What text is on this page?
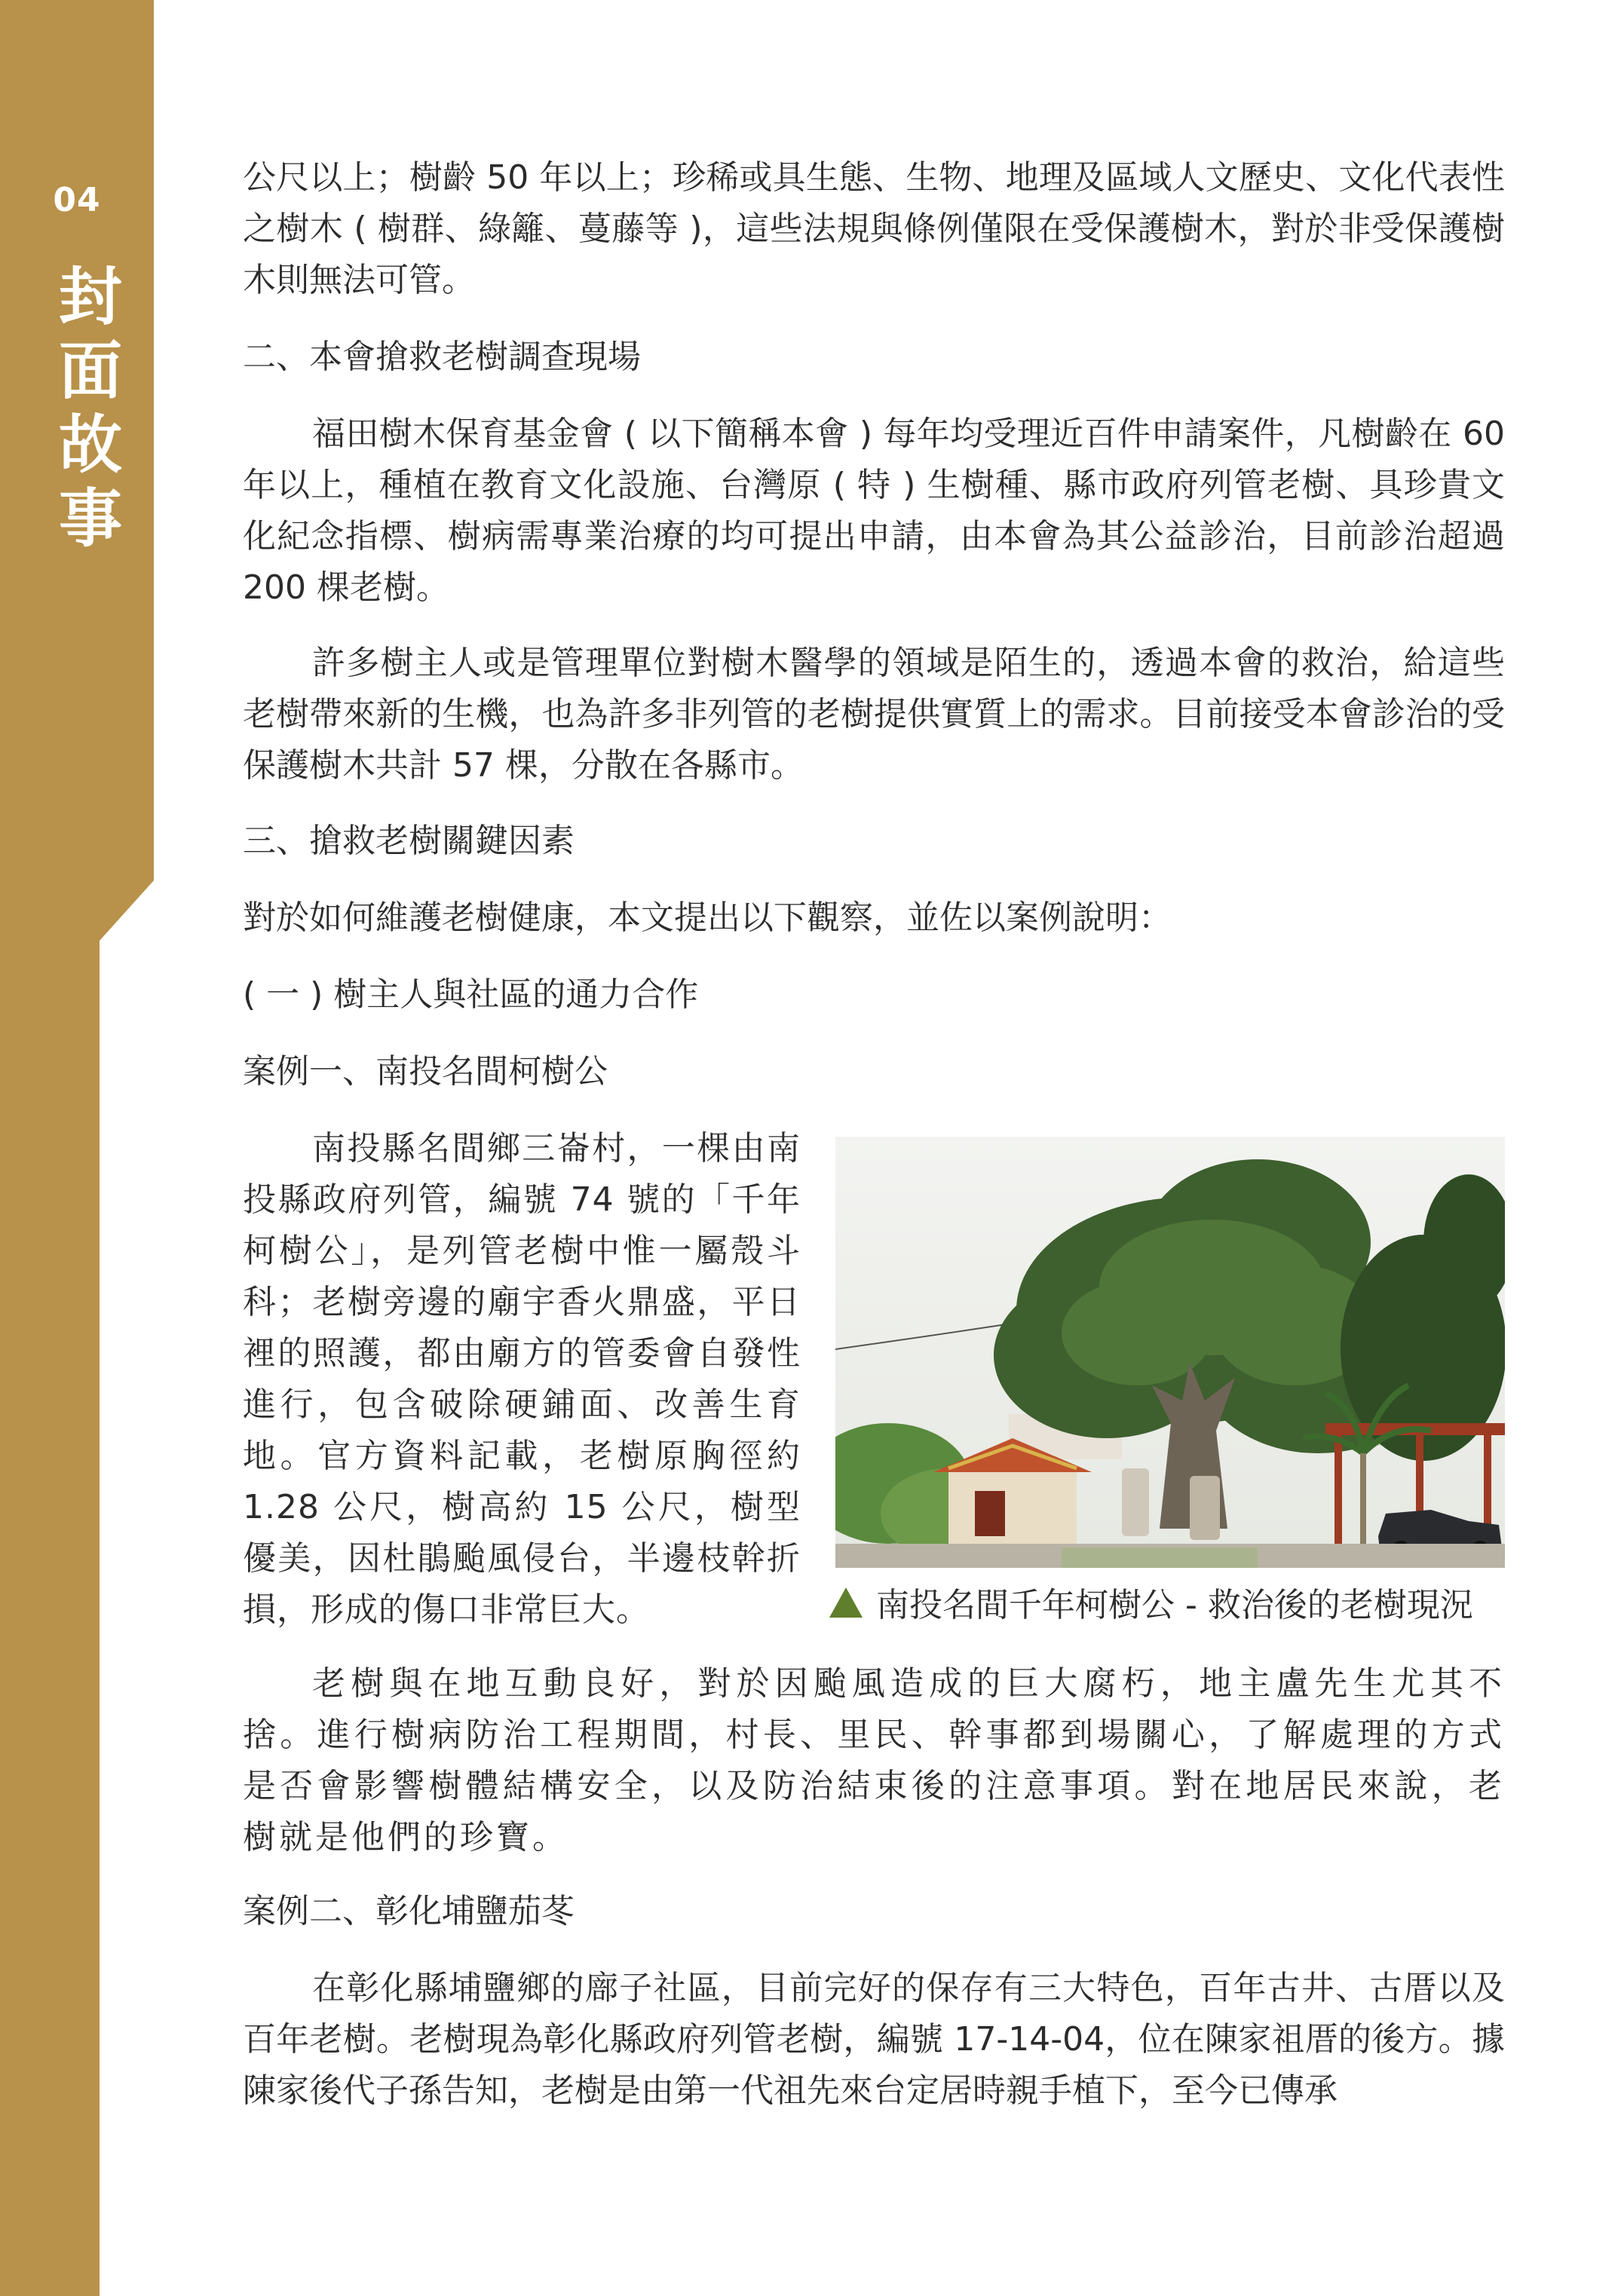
04
封
面
故
事

公尺以上；樹齡 50 年以上；珍稀或具生態、生物、地理及區域人文歷史、文化代表性之樹木 ( 樹群、綠籬、蔓藤等 )，這些法規與條例僅限在受保護樹木，對於非受保護樹木則無法可管。

二、本會搶救老樹調查現場

福田樹木保育基金會 ( 以下簡稱本會 ) 每年均受理近百件申請案件，凡樹齡在 60 年以上，種植在教育文化設施、台灣原 ( 特 ) 生樹種、縣市政府列管老樹、具珍貴文化紀念指標、樹病需專業治療的均可提出申請，由本會為其公益診治，目前診治超過 200 棵老樹。

許多樹主人或是管理單位對樹木醫學的領域是陌生的，透過本會的救治，給這些老樹帶來新的生機，也為許多非列管的老樹提供實質上的需求。目前接受本會診治的受保護樹木共計 57 棵，分散在各縣市。

三、搶救老樹關鍵因素

對於如何維護老樹健康，本文提出以下觀察，並佐以案例說明：

( 一 ) 樹主人與社區的通力合作

案例一、南投名間柯樹公

南投縣名間鄉三崙村，一棵由南投縣政府列管，編號 74 號的「千年柯樹公」，是列管老樹中惟一屬殼斗科；老樹旁邊的廟宇香火鼎盛，平日裡的照護，都由廟方的管委會自發性進行，包含破除硬鋪面、改善生育地。官方資料記載，老樹原胸徑約 1.28 公尺，樹高約 15 公尺，樹型優美，因杜鵑颱風侵台，半邊枝幹折損，形成的傷口非常巨大。	南投名間千年柯樹公 - 救治後的老樹現況

老樹與在地互動良好，對於因颱風造成的巨大腐朽，地主盧先生尤其不捨。進行樹病防治工程期間，村長、里民、幹事都到場關心，了解處理的方式是否會影響樹體結構安全，以及防治結束後的注意事項。對在地居民來說，老樹就是他們的珍寶。

案例二、彰化埔鹽茄苳

在彰化縣埔鹽鄉的廍子社區，目前完好的保存有三大特色，百年古井、古厝以及百年老樹。老樹現為彰化縣政府列管老樹，編號 17-14-04，位在陳家祖厝的後方。據陳家後代子孫告知，老樹是由第一代祖先來台定居時親手植下，至今已傳承
